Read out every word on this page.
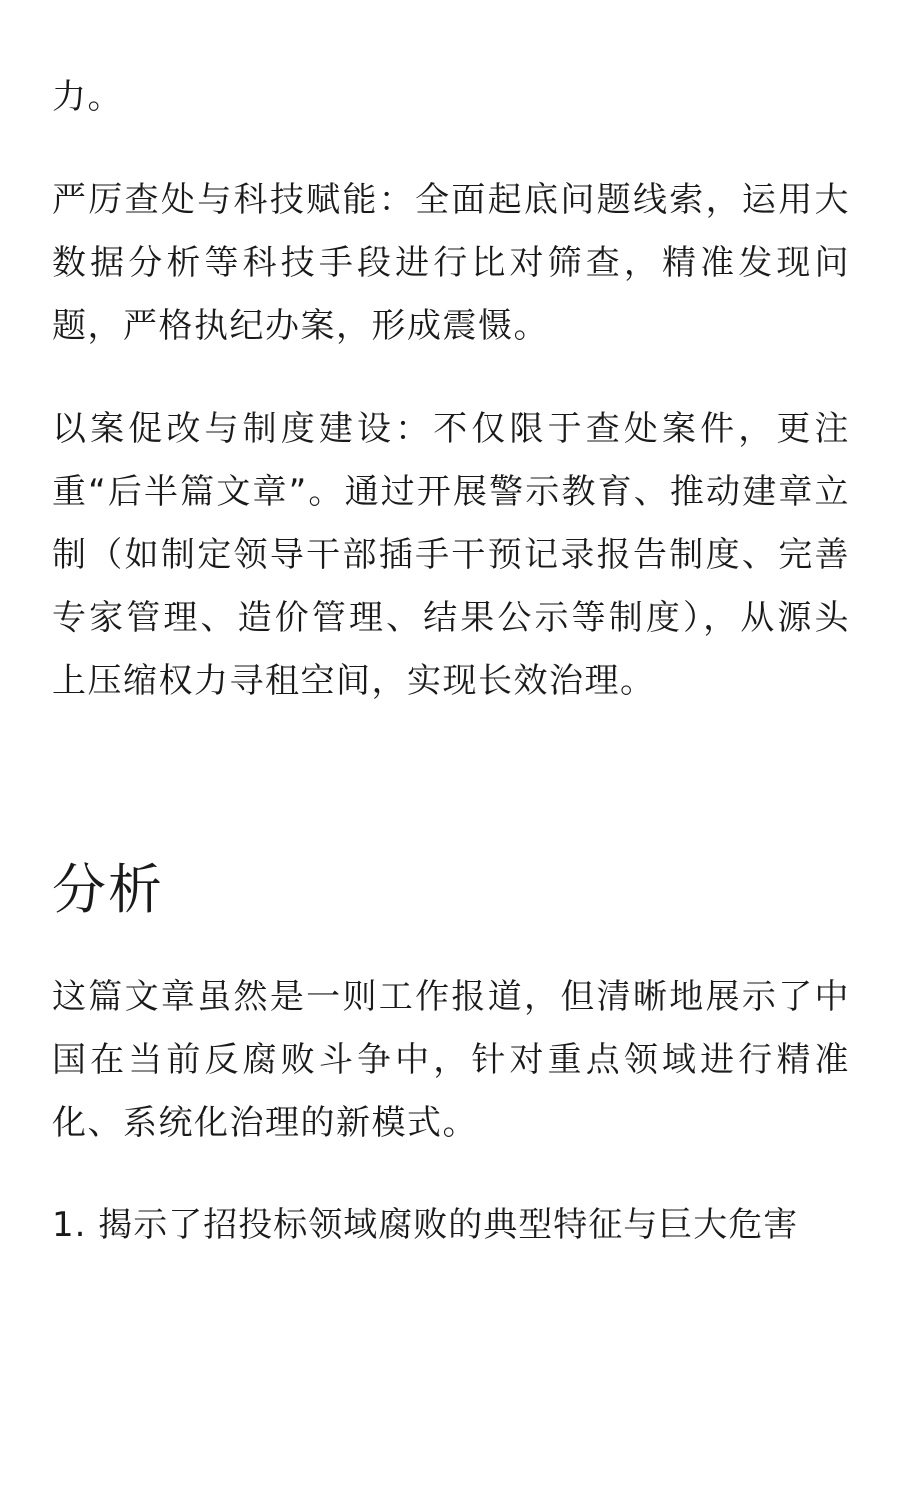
力。

严厉查处与科技赋能：全面起底问题线索，运用大数据分析等科技手段进行比对筛查，精准发现问题，严格执纪办案，形成震慑。

以案促改与制度建设：不仅限于查处案件，更注重“后半篇文章”。通过开展警示教育、推动建章立制（如制定领导干部插手干预记录报告制度、完善专家管理、造价管理、结果公示等制度），从源头上压缩权力寻租空间，实现长效治理。

分析

这篇文章虽然是一则工作报道，但清晰地展示了中国在当前反腐败斗争中，针对重点领域进行精准化、系统化治理的新模式。

1. 揭示了招投标领域腐败的典型特征与巨大危害
